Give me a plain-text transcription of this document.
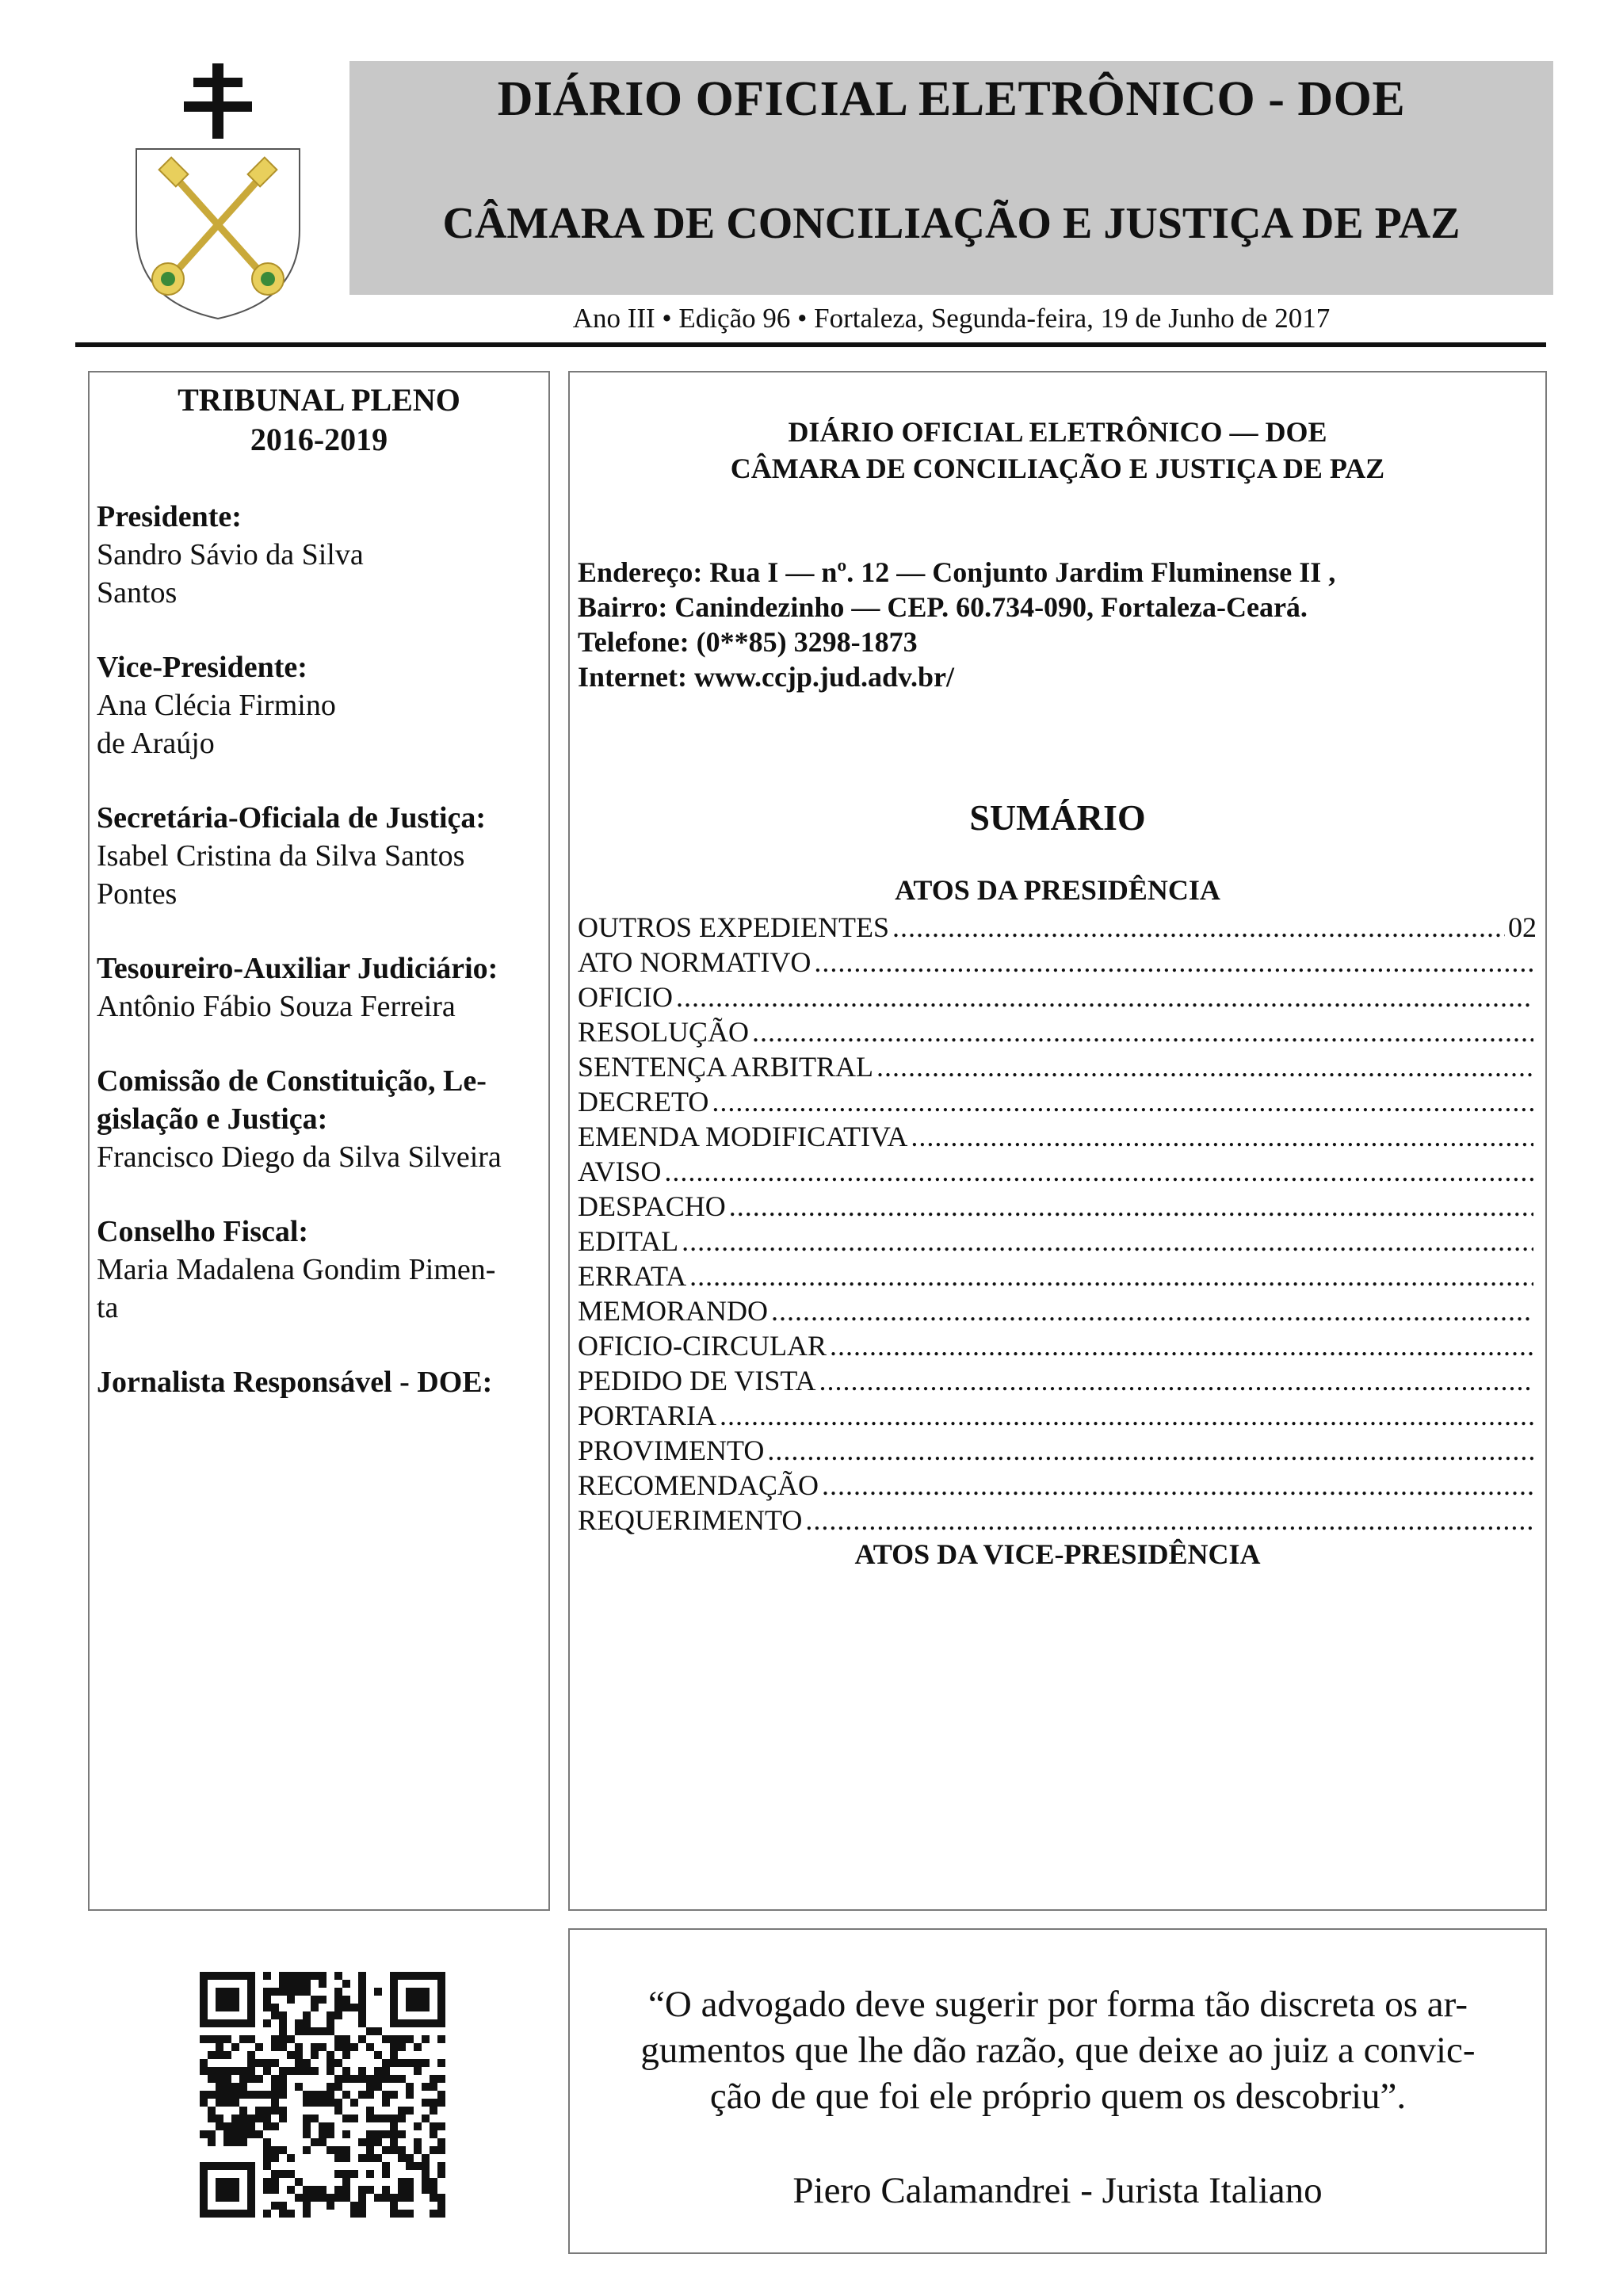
DIÁRIO OFICIAL ELETRÔNICO - DOE
CÂMARA DE CONCILIAÇÃO E JUSTIÇA DE PAZ
Ano III • Edição 96 • Fortaleza, Segunda-feira, 19 de Junho de 2017
TRIBUNAL PLENO
2016-2019
Presidente:
Sandro Sávio da Silva
Santos
Vice-Presidente:
Ana Clécia Firmino
de Araújo
Secretária-Oficiala de Justiça:
Isabel Cristina da Silva Santos
Pontes
Tesoureiro-Auxiliar Judiciário:
Antônio Fábio Souza Ferreira
Comissão de Constituição, Le-
gislação e Justiça:
Francisco Diego da Silva Silveira
Conselho Fiscal:
Maria Madalena Gondim Pimen-
ta
Jornalista Responsável - DOE:
DIÁRIO OFICIAL ELETRÔNICO — DOE
CÂMARA DE CONCILIAÇÃO E JUSTIÇA DE PAZ
Endereço: Rua I — nº. 12 — Conjunto Jardim Fluminense II ,
Bairro: Canindezinho — CEP. 60.734-090, Fortaleza-Ceará.
Telefone: (0**85) 3298-1873
Internet: www.ccjp.jud.adv.br/
SUMÁRIO
ATOS DA PRESIDÊNCIA
OUTROS EXPEDIENTES
.....	02
ATO NORMATIVO
.....
OFICIO
.....
RESOLUÇÃO
.....
SENTENÇA ARBITRAL
.....
DECRETO
.....
EMENDA MODIFICATIVA
.....
AVISO
.....
DESPACHO
.....
EDITAL
.....
ERRATA
.....
MEMORANDO
.....
OFICIO-CIRCULAR
.....
PEDIDO DE VISTA
.....
PORTARIA
.....
PROVIMENTO
.....
RECOMENDAÇÃO
.....
REQUERIMENTO
.....
ATOS DA VICE-PRESIDÊNCIA
“O advogado deve sugerir por forma tão discreta os ar-
gumentos que lhe dão razão, que deixe ao juiz a convic-
ção de que foi ele próprio quem os descobriu”.
Piero Calamandrei - Jurista Italiano
